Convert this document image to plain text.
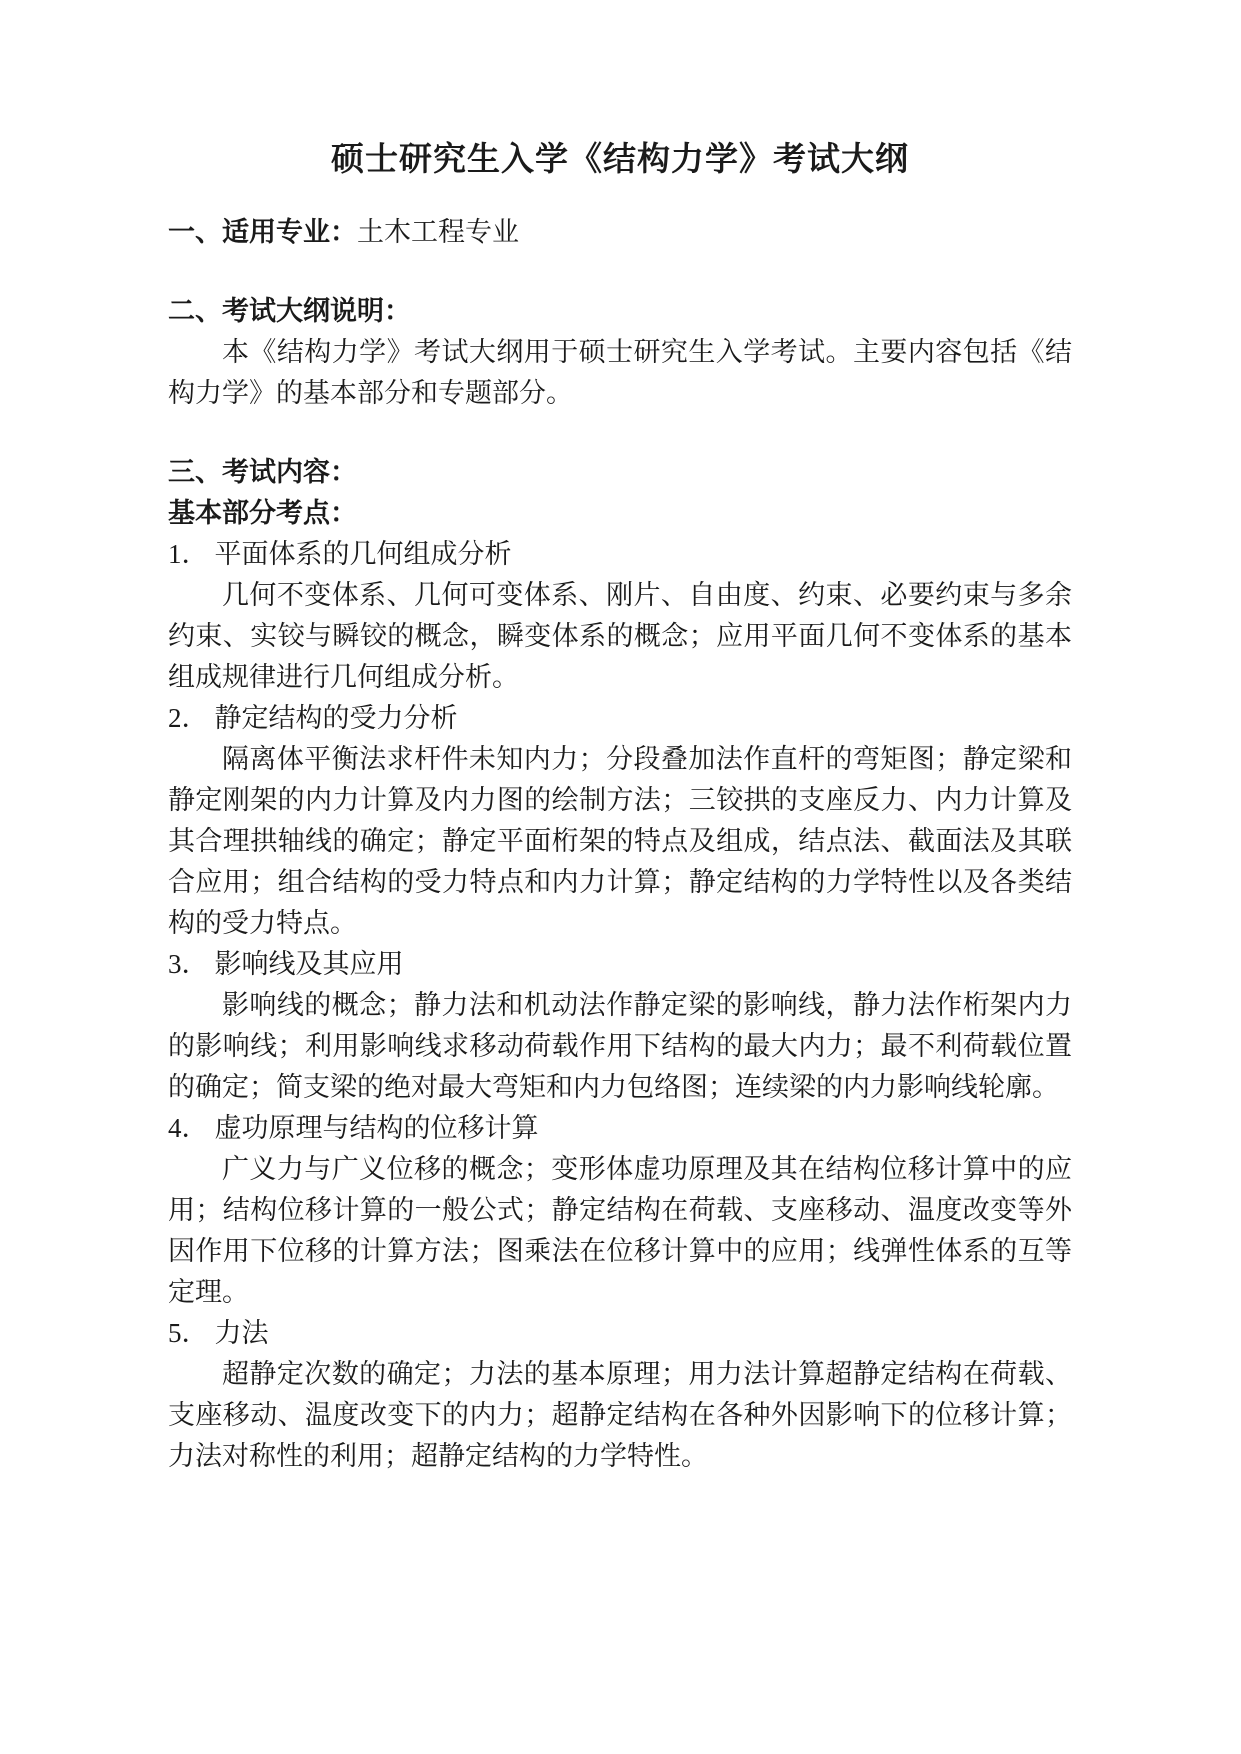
硕士研究生入学《结构力学》考试大纲

一、适用专业：土木工程专业

二、考试大纲说明：

本《结构力学》考试大纲用于硕士研究生入学考试。主要内容包括《结构力学》的基本部分和专题部分。

三、考试内容：

基本部分考点：

1． 平面体系的几何组成分析

几何不变体系、几何可变体系、刚片、自由度、约束、必要约束与多余约束、实铰与瞬铰的概念，瞬变体系的概念；应用平面几何不变体系的基本组成规律进行几何组成分析。

2． 静定结构的受力分析

隔离体平衡法求杆件未知内力；分段叠加法作直杆的弯矩图；静定梁和静定刚架的内力计算及内力图的绘制方法；三铰拱的支座反力、内力计算及其合理拱轴线的确定；静定平面桁架的特点及组成，结点法、截面法及其联合应用；组合结构的受力特点和内力计算；静定结构的力学特性以及各类结构的受力特点。

3． 影响线及其应用

影响线的概念；静力法和机动法作静定梁的影响线，静力法作桁架内力的影响线；利用影响线求移动荷载作用下结构的最大内力；最不利荷载位置的确定；简支梁的绝对最大弯矩和内力包络图；连续梁的内力影响线轮廓。

4． 虚功原理与结构的位移计算

广义力与广义位移的概念；变形体虚功原理及其在结构位移计算中的应用；结构位移计算的一般公式；静定结构在荷载、支座移动、温度改变等外因作用下位移的计算方法；图乘法在位移计算中的应用；线弹性体系的互等定理。

5． 力法

超静定次数的确定；力法的基本原理；用力法计算超静定结构在荷载、支座移动、温度改变下的内力；超静定结构在各种外因影响下的位移计算；力法对称性的利用；超静定结构的力学特性。
